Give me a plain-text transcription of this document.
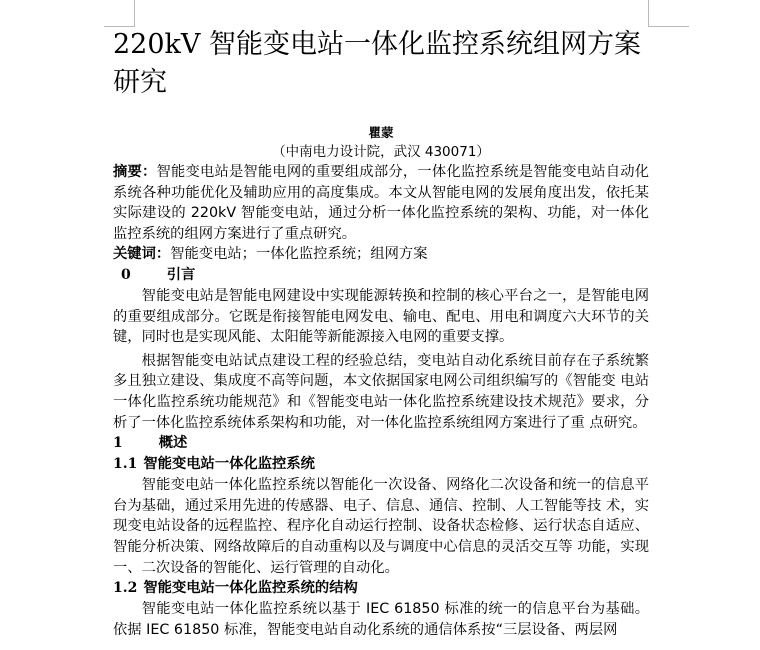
220kV 智能变电站一体化监控系统组网方案研究
瞿蒙
（中南电力设计院，武汉 430071）

摘要：智能变电站是智能电网的重要组成部分，一体化监控系统是智能变电站自动化系统各种功能优化及辅助应用的高度集成。本文从智能电网的发展角度出发，依托某实际建设的 220kV 智能变电站，通过分析一体化监控系统的架构、功能，对一体化监控系统的组网方案进行了重点研究。

关键词：智能变电站；一体化监控系统；组网方案

0	引言

智能变电站是智能电网建设中实现能源转换和控制的核心平台之一，是智能电网的重要组成部分。它既是衔接智能电网发电、输电、配电、用电和调度六大环节的关键，同时也是实现风能、太阳能等新能源接入电网的重要支撑。

根据智能变电站试点建设工程的经验总结，变电站自动化系统目前存在子系统繁多且独立建设、集成度不高等问题，本文依据国家电网公司组织编写的《智能变 电站一体化监控系统功能规范》和《智能变电站一体化监控系统建设技术规范》要求，分析了一体化监控系统体系架构和功能，对一体化监控系统组网方案进行了重 点研究。

1	概述

1.1 智能变电站一体化监控系统

智能变电站一体化监控系统以智能化一次设备、网络化二次设备和统一的信息平台为基础，通过采用先进的传感器、电子、信息、通信、控制、人工智能等技 术，实现变电站设备的远程监控、程序化自动运行控制、设备状态检修、运行状态自适应、智能分析决策、网络故障后的自动重构以及与调度中心信息的灵活交互等 功能，实现一、二次设备的智能化、运行管理的自动化。

1.2 智能变电站一体化监控系统的结构

智能变电站一体化监控系统以基于 IEC 61850 标准的统一的信息平台为基础。依据 IEC 61850 标准，智能变电站自动化系统的通信体系按“三层设备、两层网
